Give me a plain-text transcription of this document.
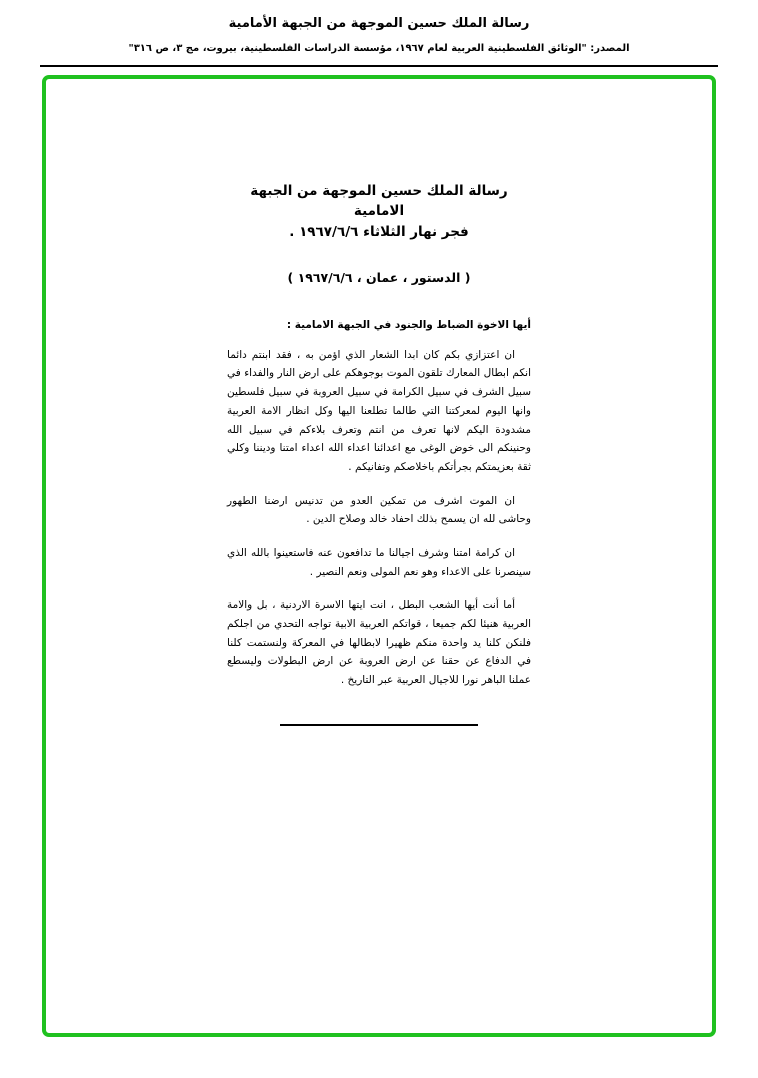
رسالة الملك حسين الموجهة من الجبهة الأمامية
المصدر: "الوثائق الفلسطينية العربية لعام ١٩٦٧، مؤسسة الدراسات الفلسطينية، بيروت، مج ٣، ص ٣١٦"
رسالة الملك حسين الموجهة من الجبهة الامامية
فجر نهار الثلاثاء ١٩٦٧/٦/٦ .
( الدستور ، عمان ، ١٩٦٧/٦/٦ )
أيها الاخوة الضباط والجنود في الجبهة الامامية :
ان اعتزازي بكم كان ابدا الشعار الذي اؤمن به ، فقد ابنتم دائما انكم ابطال المعارك تلقون الموت بوجوهكم على ارض النار والفداء في سبيل الشرف في سبيل الكرامة في سبيل العروبة في سبيل فلسطين وانها اليوم لمعركتنا التي طالما تطلعنا اليها وكل انظار الامة العربية مشدودة اليكم لانها تعرف من انتم وتعرف بلاءكم في سبيل الله وحنينكم الى خوض الوغى مع اعدائنا اعداء الله اعداء امتنا وديننا وكلي ثقة بعزيمتكم بجرأتكم باخلاصكم وتفانيكم .
ان الموت اشرف من تمكين العدو من تدنيس ارضنا الطهور وحاشى لله ان يسمح بذلك احفاد خالد وصلاح الدين .
ان كرامة امتنا وشرف اجيالنا ما تدافعون عنه فاستعينوا بالله الذي سينصرنا على الاعداء وهو نعم المولى ونعم النصير .
أما أنت أيها الشعب البطل ، انت ايتها الاسرة الاردنية ، بل والامة العربية هنيئا لكم جميعا ، قواتكم العربية الابية تواجه التحدي من اجلكم فلنكن كلنا يد واحدة منكم ظهيرا لابطالها في المعركة ولنستمت كلنا في الدفاع عن حقنا عن ارض العروبة عن ارض البطولات وليسطع عملنا الباهر نورا للاجيال العربية عبر التاريخ .
